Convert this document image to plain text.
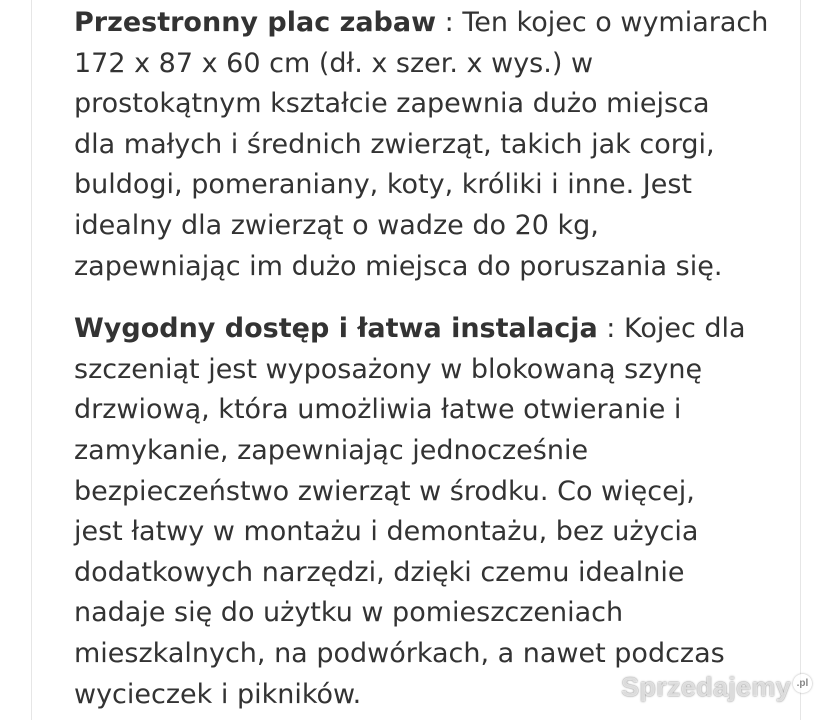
Przestronny plac zabaw : Ten kojec o wymiarach
172 x 87 x 60 cm (dł. x szer. x wys.) w
prostokątnym kształcie zapewnia dużo miejsca
dla małych i średnich zwierząt, takich jak corgi,
buldogi, pomeraniany, koty, króliki i inne. Jest
idealny dla zwierząt o wadze do 20 kg,
zapewniając im dużo miejsca do poruszania się.

Wygodny dostęp i łatwa instalacja : Kojec dla
szczeniąt jest wyposażony w blokowaną szynę
drzwiową, która umożliwia łatwe otwieranie i
zamykanie, zapewniając jednocześnie
bezpieczeństwo zwierząt w środku. Co więcej,
jest łatwy w montażu i demontażu, bez użycia
dodatkowych narzędzi, dzięki czemu idealnie
nadaje się do użytku w pomieszczeniach
mieszkalnych, na podwórkach, a nawet podczas
wycieczek i pikników.	Sprzedajemy .pl
